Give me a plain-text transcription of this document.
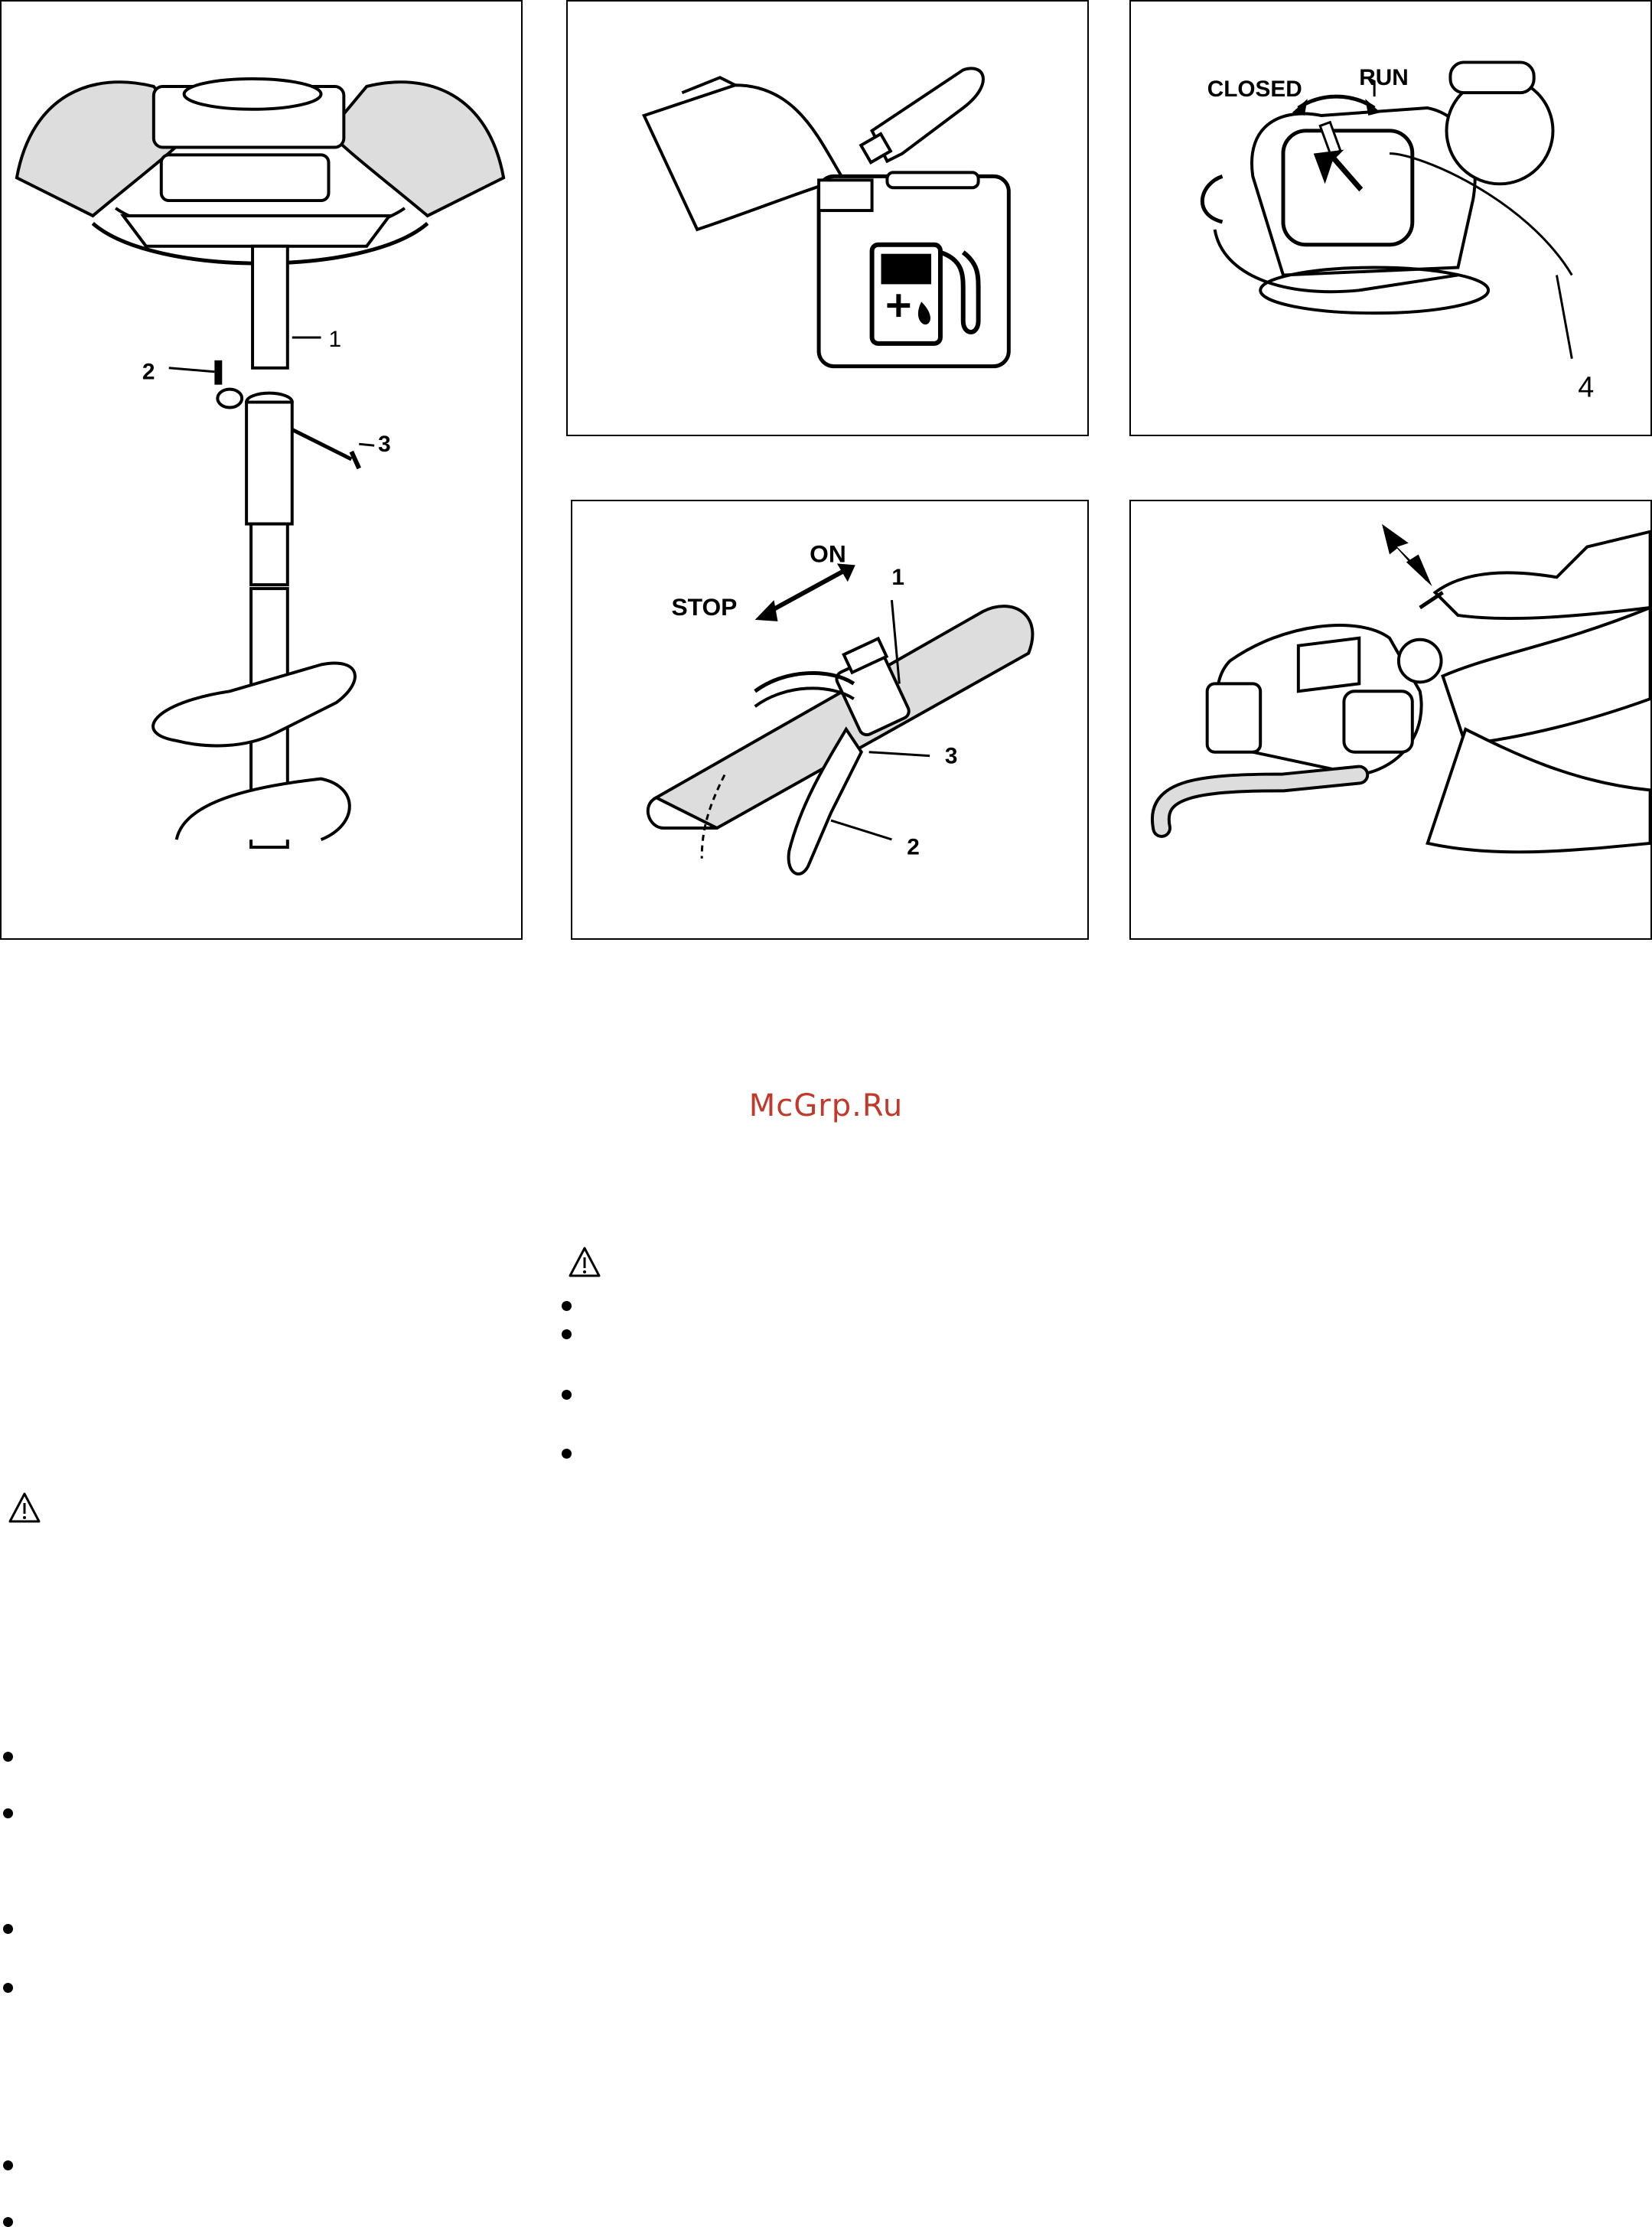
1
2
3
CLOSED RUN
4
ON
STOP
1
2
3
McGrp.Ru
